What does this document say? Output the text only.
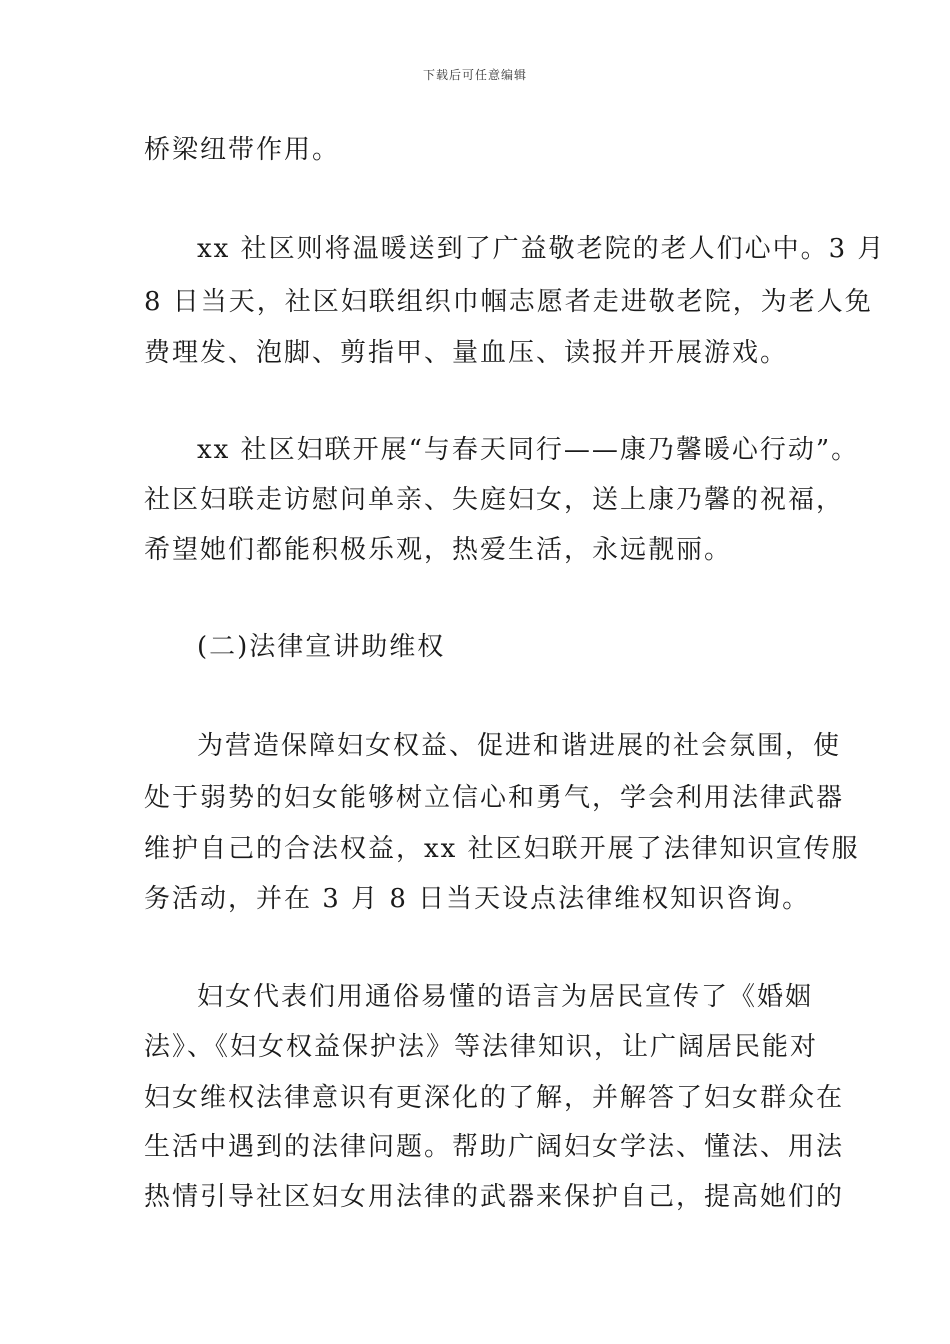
下载后可任意编辑
桥梁纽带作用。
xx 社区则将温暖送到了广益敬老院的老人们心中。3 月
8 日当天，社区妇联组织巾帼志愿者走进敬老院，为老人免
费理发、泡脚、剪指甲、量血压、读报并开展游戏。
xx 社区妇联开展“与春天同行——康乃馨暖心行动”。
社区妇联走访慰问单亲、失庭妇女，送上康乃馨的祝福，
希望她们都能积极乐观，热爱生活，永远靓丽。
(二)法律宣讲助维权
为营造保障妇女权益、促进和谐进展的社会氛围，使
处于弱势的妇女能够树立信心和勇气，学会利用法律武器
维护自己的合法权益，xx 社区妇联开展了法律知识宣传服
务活动，并在 3 月 8 日当天设点法律维权知识咨询。
妇女代表们用通俗易懂的语言为居民宣传了《婚姻
法》、《妇女权益保护法》等法律知识，让广阔居民能对
妇女维权法律意识有更深化的了解，并解答了妇女群众在
生活中遇到的法律问题。帮助广阔妇女学法、懂法、用法
热情引导社区妇女用法律的武器来保护自己，提高她们的
